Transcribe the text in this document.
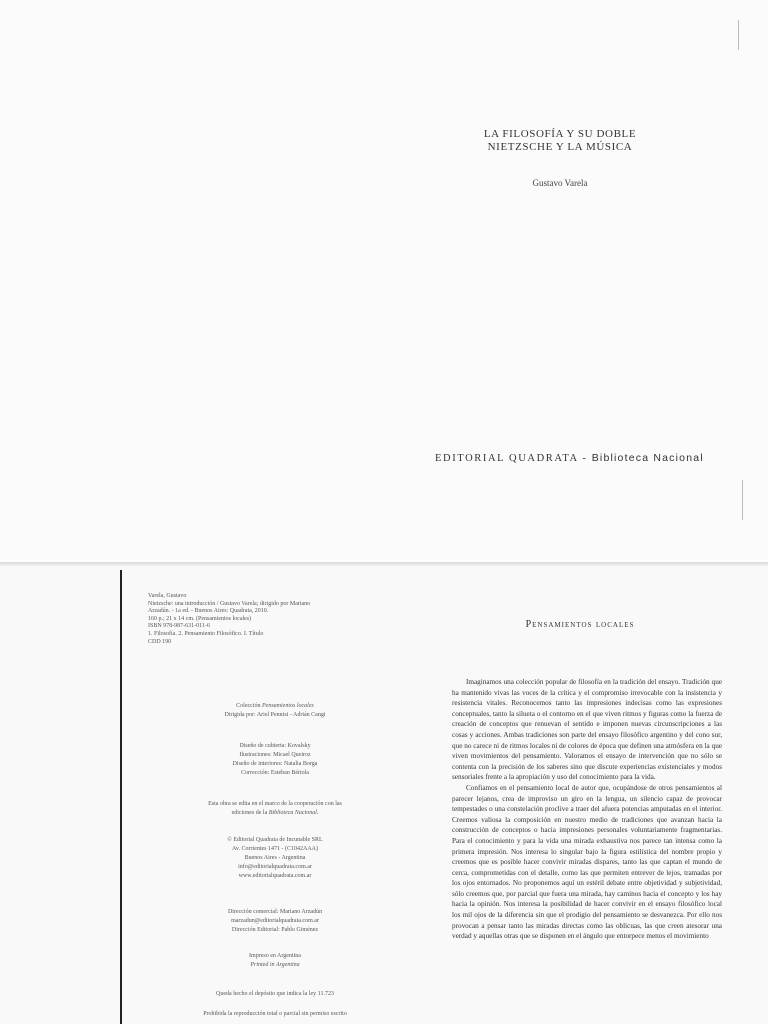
LA FILOSOFÍA Y SU DOBLE
NIETZSCHE Y LA MÚSICA
Gustavo Varela
EDITORIAL QUADRATA - Biblioteca Nacional
Varela, Gustavo
Nietzsche: una introducción / Gustavo Varela; dirigido por Mariano
Arzadún. - 1a ed. - Buenos Aires: Quadrata, 2010.
160 p.; 21 x 14 cm. (Pensamientos locales)
ISBN 978-987-631-011-6
1. Filosofía. 2. Pensamiento Filosófico. I. Título
CDD 190
Colección Pensamientos locales
Dirigida por: Ariel Pennisi - Adrián Cangi
Diseño de cubierta: Kovalsky
Ilustraciones: Micael Queiroz
Diseño de interiores: Natalia Borga
Corrección: Esteban Bértola
Esta obra se edita en el marco de la cooperación con las
ediciones de la Biblioteca Nacional.
© Editorial Quadrata de Incunable SRL
Av. Corrientes 1471 - (C1042AAA)
Buenos Aires - Argentina
info@editorialquadrata.com.ar
www.editorialquadrata.com.ar
Dirección comercial: Mariano Arzadún
marzadun@editorialquadrata.com.ar
Dirección Editorial: Pablo Giménez
Impreso en Argentina
Printed in Argentina
Queda hecho el depósito que indica la ley 11.723
Prohibida la reproducción total o parcial sin permiso escrito
Pensamientos locales

Imaginamos una colección popular de filosofía en la tradición del ensayo. Tradición que ha mantenido vivas las voces de la crítica y el compromiso irrevocable con la insistencia y resistencia vitales. Reconocemos tanto las impresiones indecisas como las expresiones conceptuales, tanto la silueta o el contorno en el que viven ritmos y figuras como la fuerza de creación de conceptos que renuevan el sentido e imponen nuevas circunscripciones a las cosas y acciones. Ambas tradiciones son parte del ensayo filosófico argentino y del cono sur, que no carece ni de ritmos locales ni de colores de época que definen una atmósfera en la que viven movimientos del pensamiento. Valoramos el ensayo de intervención que no sólo se contenta con la precisión de los saberes sino que discute experiencias existenciales y modos sensoriales frente a la apropiación y uso del conocimiento para la vida.

Confiamos en el pensamiento local de autor que, ocupándose de otros pensamientos al parecer lejanos, crea de improviso un giro en la lengua, un silencio capaz de provocar tempestades o una constelación proclive a traer del afuera potencias amputadas en el interior. Creemos valiosa la composición en nuestro medio de tradiciones que avanzan hacia la construcción de conceptos o hacia impresiones personales voluntariamente fragmentarias. Para el conocimiento y para la vida una mirada exhaustiva nos parece tan intensa como la primera impresión. Nos interesa lo singular bajo la figura estilística del nombre propio y creemos que es posible hacer convivir miradas dispares, tanto las que captan el mundo de cerca, comprometidas con el detalle, como las que permiten entrever de lejos, tramadas por los ojos entornados. No proponemos aquí un estéril debate entre objetividad y subjetividad, sólo creemos que, por parcial que fuera una mirada, hay caminos hacia el concepto y los hay hacia la opinión. Nos interesa la posibilidad de hacer convivir en el ensayo filosófico local los mil ojos de la diferencia sin que el prodigio del pensamiento se desvanezca. Por ello nos provocan a pensar tanto las miradas directas como las oblicuas, las que creen atesorar una verdad y aquellas otras que se disponen en el ángulo que entorpece menos el movimiento
